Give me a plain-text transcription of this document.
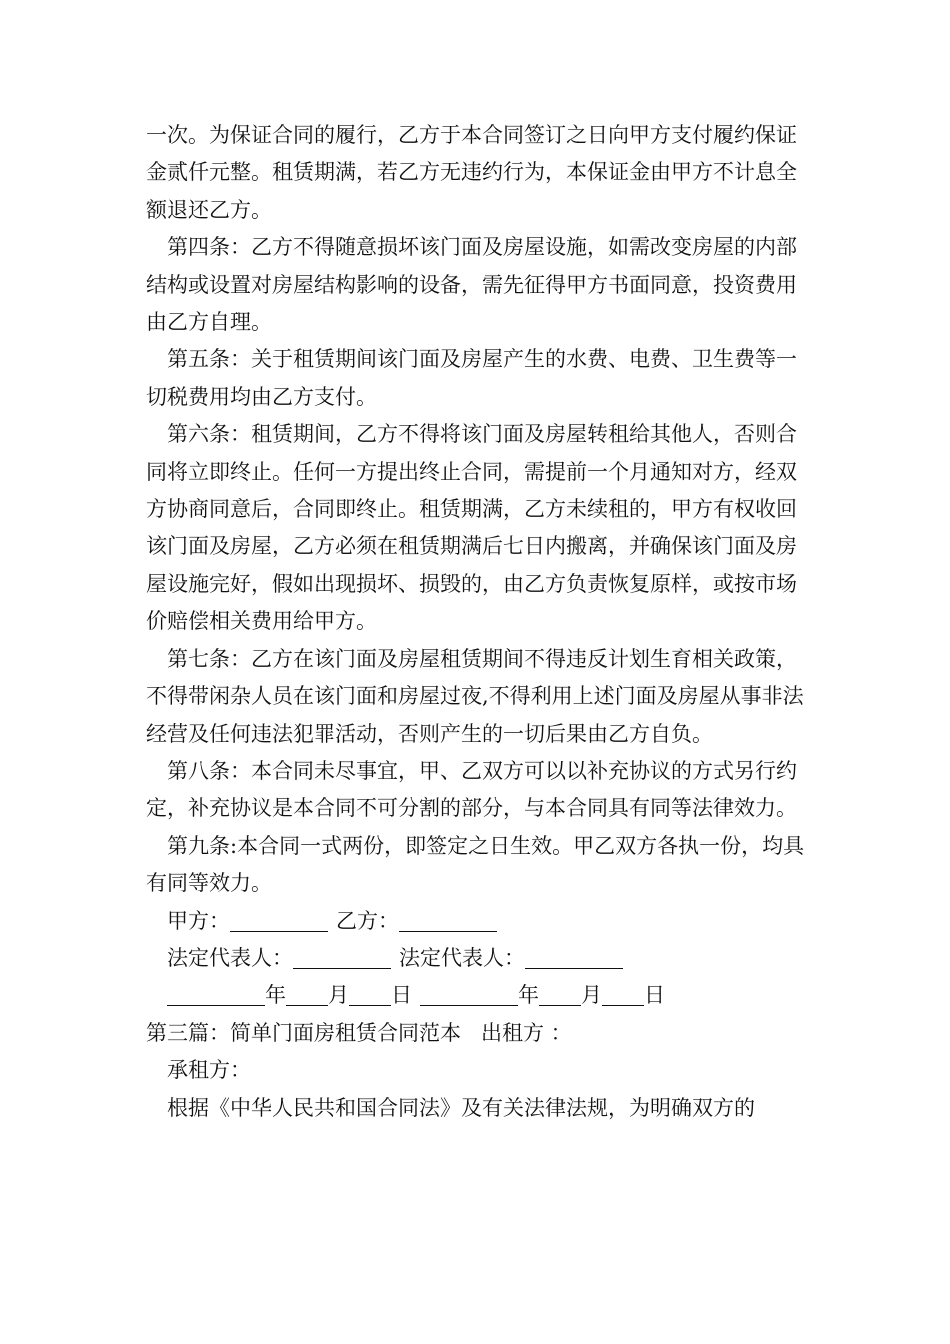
一次。为保证合同的履行，乙方于本合同签订之日向甲方支付履约保证金贰仟元整。租赁期满，若乙方无违约行为，本保证金由甲方不计息全额退还乙方。

第四条：乙方不得随意损坏该门面及房屋设施，如需改变房屋的内部结构或设置对房屋结构影响的设备，需先征得甲方书面同意，投资费用由乙方自理。

第五条：关于租赁期间该门面及房屋产生的水费、电费、卫生费等一切税费用均由乙方支付。

第六条：租赁期间，乙方不得将该门面及房屋转租给其他人，否则合同将立即终止。任何一方提出终止合同，需提前一个月通知对方，经双方协商同意后，合同即终止。租赁期满，乙方未续租的，甲方有权收回该门面及房屋，乙方必须在租赁期满后七日内搬离，并确保该门面及房屋设施完好，假如出现损坏、损毁的，由乙方负责恢复原样，或按市场价赔偿相关费用给甲方。

第七条：乙方在该门面及房屋租赁期间不得违反计划生育相关政策，不得带闲杂人员在该门面和房屋过夜,不得利用上述门面及房屋从事非法经营及任何违法犯罪活动，否则产生的一切后果由乙方自负。

第八条：本合同未尽事宜，甲、乙双方可以以补充协议的方式另行约定，补充协议是本合同不可分割的部分，与本合同具有同等法律效力。

第九条:本合同一式两份，即签定之日生效。甲乙双方各执一份，均具有同等效力。

甲方：	乙方：

法定代表人：	法定代表人：

年 月 日	年 月 日

第三篇：简单门面房租赁合同范本 出租方 ：

承租方：

根据《中华人民共和国合同法》及有关法律法规，为明确双方的
